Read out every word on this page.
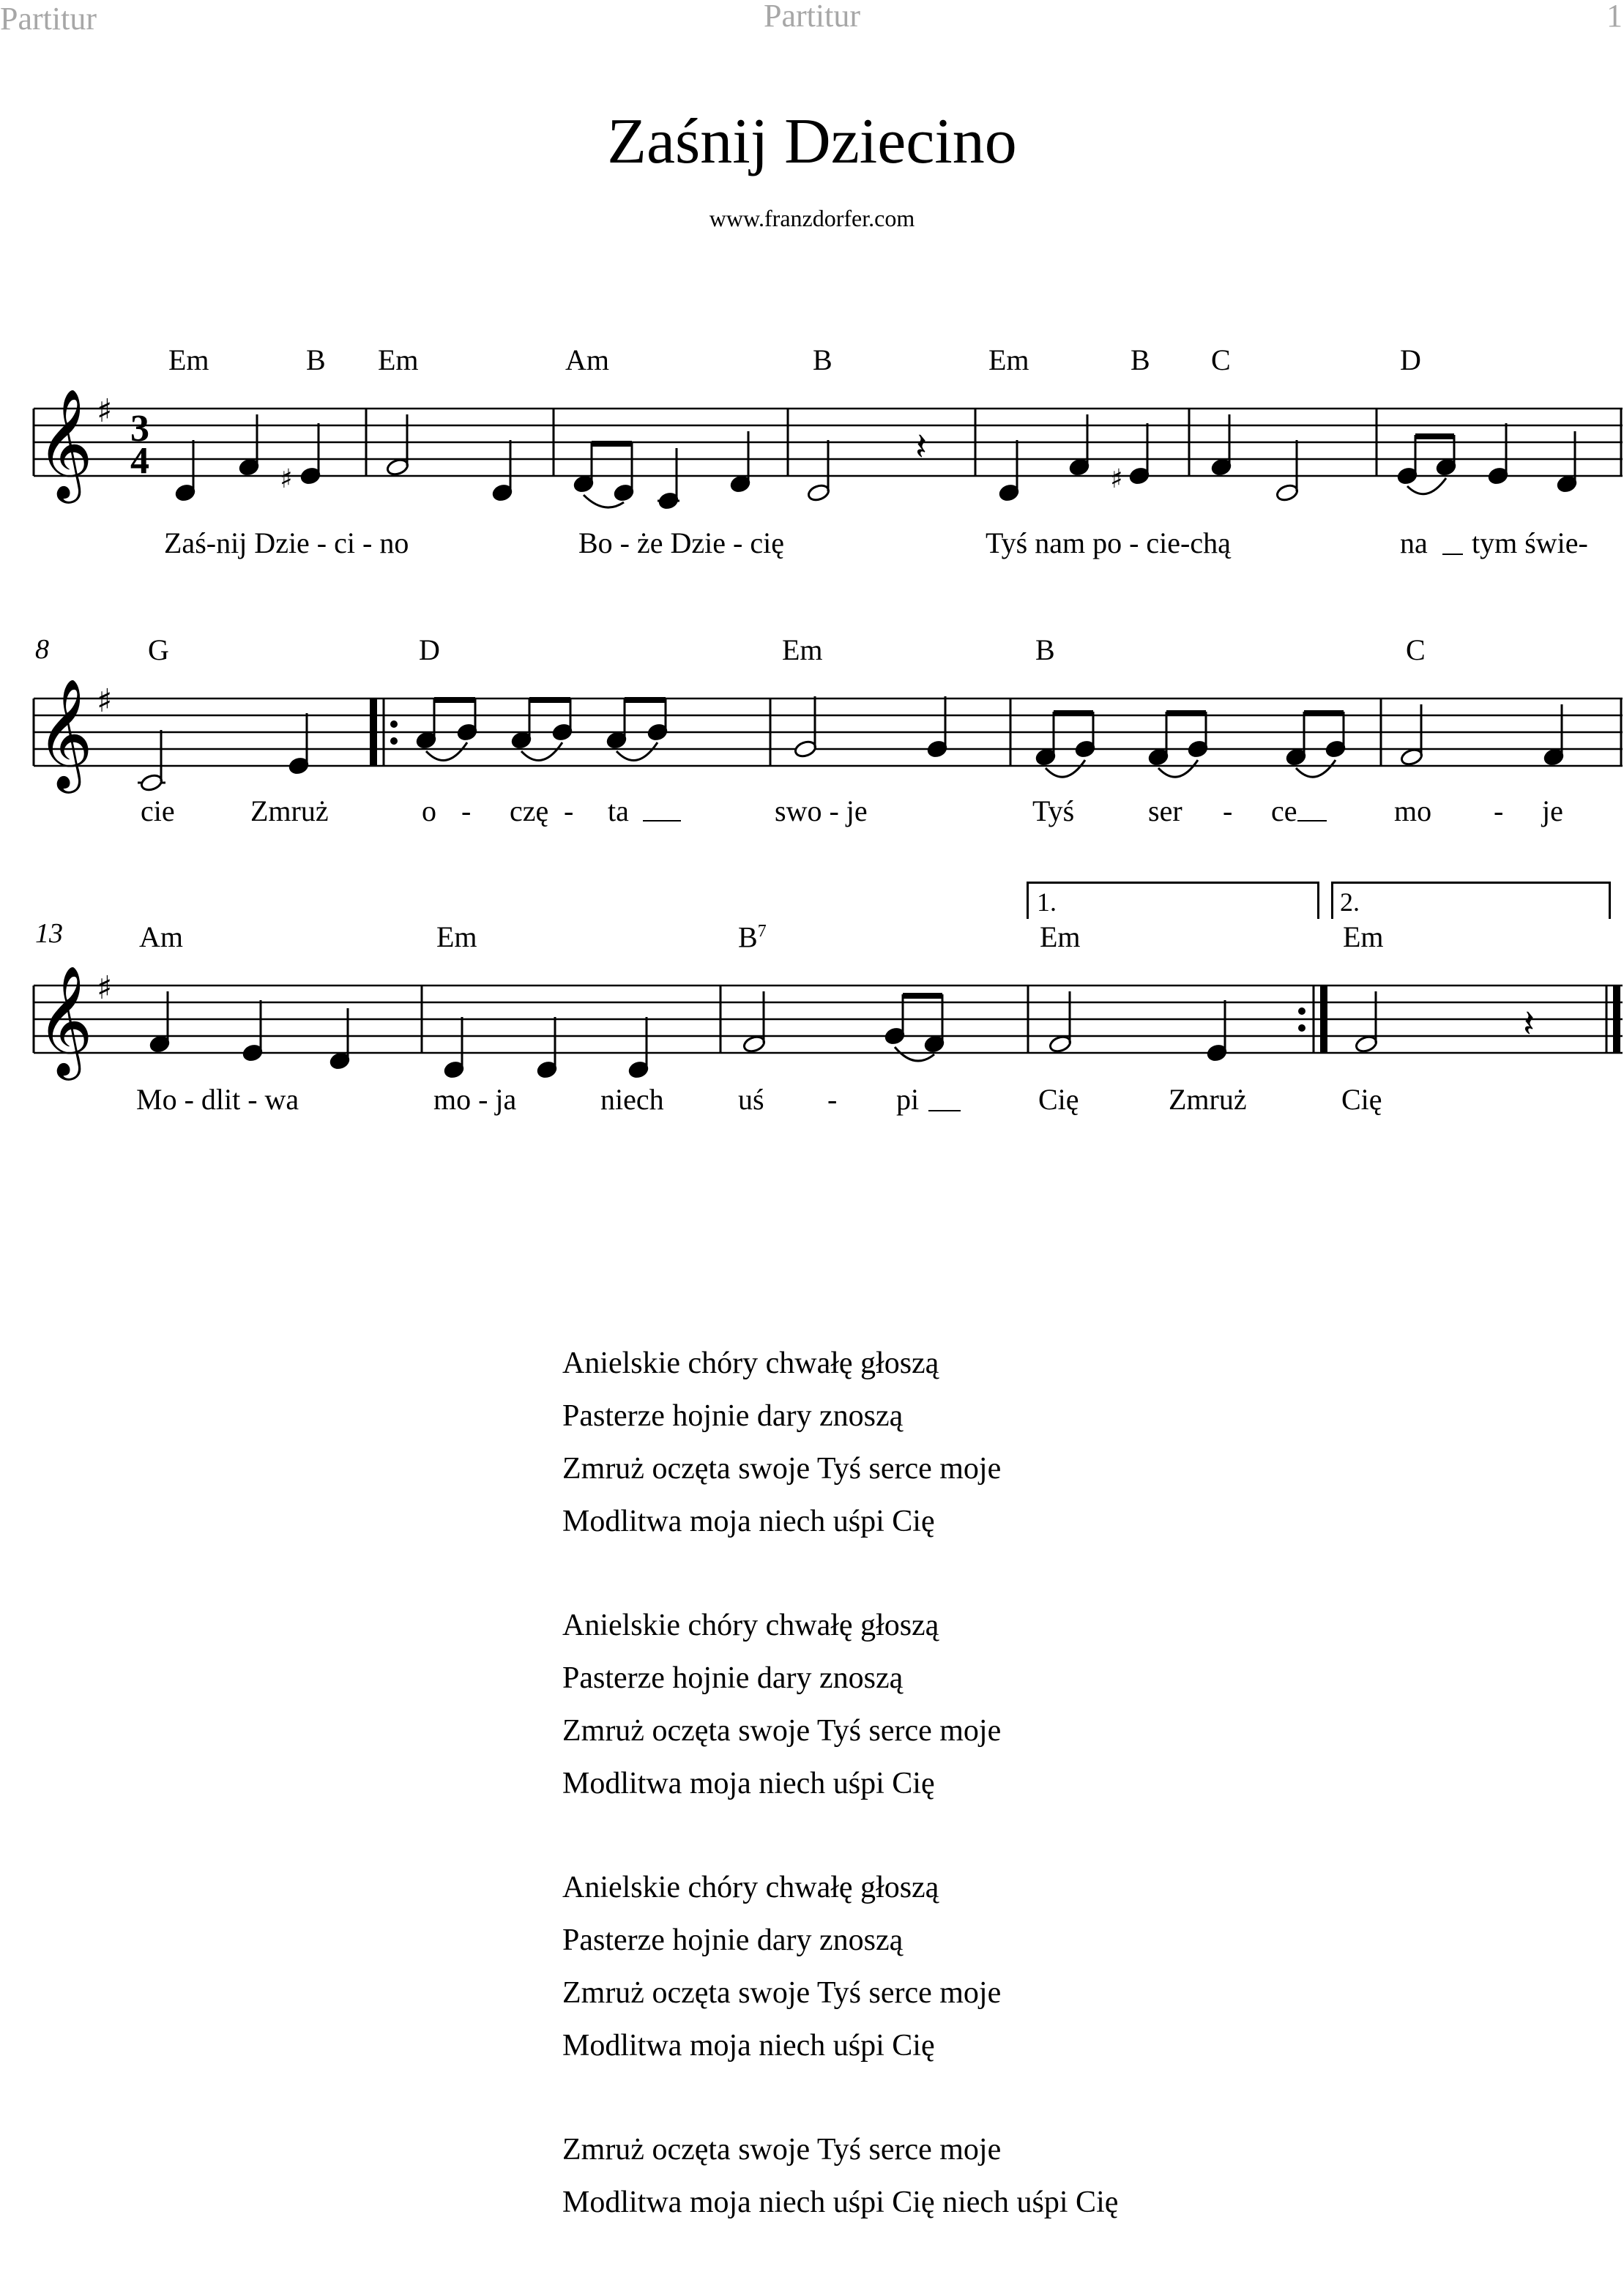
Partitur	Partitur	1
Zaśnij Dziecino
www.franzdorfer.com
Em	B Em	Am	B	Em	B C	D
𝄞 ♯ 3
4	♯
𝄽
♯
Zaś-nij Dzie - ci - no	Bo - że Dzie - cię	Tyś nam po - cie-chą	na tym świe-
8	G	D	Em	B	C
𝄞 ♯
cie	Zmruż	o - czę - ta	swo - je	Tyś	ser - ce	mo - je
1.	2.
13	Am	Em	$B^7$	Em	Em
𝄞 ♯
𝄽
Mo - dlit - wa	mo - ja	niech	uś - pi	Cię	Zmruż	Cię
Anielskie chóry chwałę głoszą
Pasterze hojnie dary znoszą
Zmruż oczęta swoje Tyś serce moje
Modlitwa moja niech uśpi Cię
Anielskie chóry chwałę głoszą
Pasterze hojnie dary znoszą
Zmruż oczęta swoje Tyś serce moje
Modlitwa moja niech uśpi Cię
Anielskie chóry chwałę głoszą
Pasterze hojnie dary znoszą
Zmruż oczęta swoje Tyś serce moje
Modlitwa moja niech uśpi Cię
Zmruż oczęta swoje Tyś serce moje
Modlitwa moja niech uśpi Cię niech uśpi Cię
